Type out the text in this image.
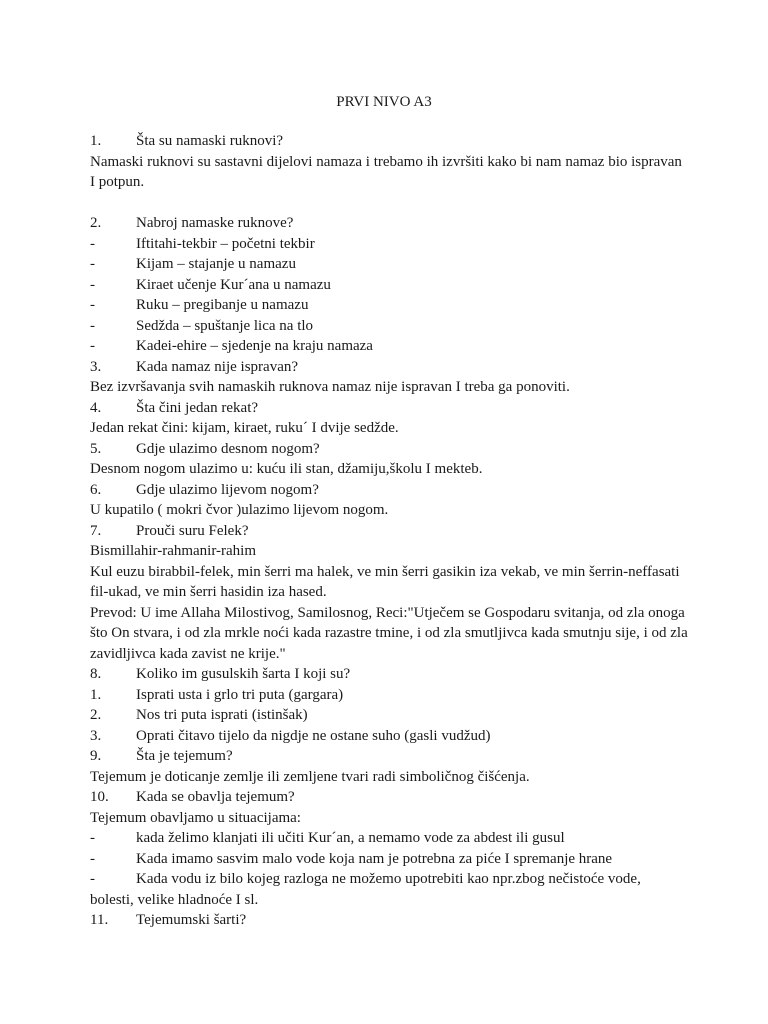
PRVI NIVO A3
1.	Šta su namaski ruknovi?
Namaski ruknovi su sastavni dijelovi namaza i trebamo ih izvršiti kako bi nam namaz bio ispravan I potpun.
2.	Nabroj namaske ruknove?
-	Iftitahi-tekbir – početni tekbir
-	Kijam – stajanje u namazu
-	Kiraet učenje Kur´ana u namazu
-	Ruku – pregibanje u namazu
-	Sedžda – spuštanje lica na tlo
-	Kadei-ehire – sjedenje na kraju namaza
3.	Kada namaz nije ispravan?
Bez izvršavanja svih namaskih ruknova namaz nije ispravan I treba ga ponoviti.
4.	Šta čini jedan rekat?
Jedan rekat čini: kijam, kiraet, ruku´ I dvije sedžde.
5.	Gdje ulazimo desnom nogom?
Desnom nogom ulazimo u: kuću ili stan, džamiju,školu I mekteb.
6.	Gdje ulazimo lijevom nogom?
U kupatilo ( mokri čvor )ulazimo lijevom nogom.
7.	Prouči suru Felek?
Bismillahir-rahmanir-rahim
Kul euzu birabbil-felek, min šerri ma halek, ve min šerri gasikin iza vekab, ve min šerrin-neffasati fil-ukad, ve min šerri hasidin iza hased.
Prevod: U ime Allaha Milostivog, Samilosnog, Reci:"Utječem se Gospodaru svitanja, od zla onoga što On stvara, i od zla mrkle noći kada razastre tmine, i od zla smutljivca kada smutnju sije, i od zla zavidljivca kada zavist ne krije."
8.	Koliko im gusulskih šarta I koji su?
1.	Isprati usta i grlo tri puta (gargara)
2.	Nos tri puta isprati (istinšak)
3.	Oprati čitavo tijelo da nigdje ne ostane suho (gasli vudžud)
9.	Šta je tejemum?
Tejemum je doticanje zemlje ili zemljene tvari radi simboličnog čišćenja.
10.	Kada se obavlja tejemum?
Tejemum obavljamo u situacijama:
-	kada želimo klanjati ili učiti Kur´an, a nemamo vode za abdest ili gusul
-	Kada imamo sasvim malo vode koja nam je potrebna za piće I spremanje hrane
-	Kada vodu iz bilo kojeg razloga ne možemo upotrebiti kao npr.zbog nečistoće vode,
bolesti, velike hladnoće I sl.
11.	Tejemumski šarti?
